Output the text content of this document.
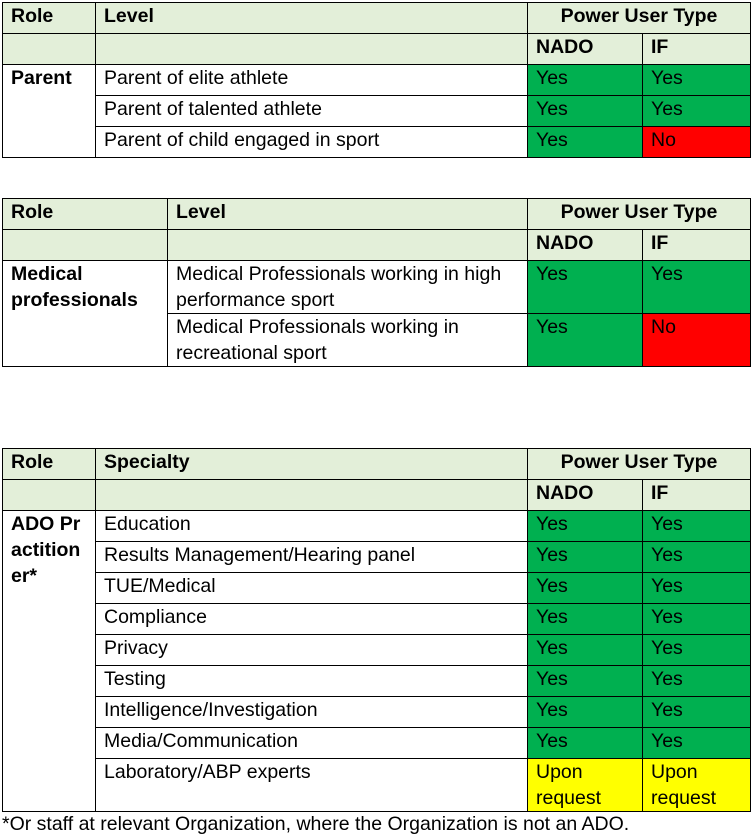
Role	Level	Power User Type	
		NADO	IF
Parent	Parent of elite athlete	Yes	Yes
	Parent of talented athlete	Yes	Yes
	Parent of child engaged in sport	Yes	No
Role	Level	Power User Type	
		NADO	IF
Medical professionals	Medical Professionals working in high performance sport	Yes	Yes
	Medical Professionals working in recreational sport	Yes	No
Role	Specialty	Power User Type	
		NADO	IF
ADO Practitioner*	Education	Yes	Yes
	Results Management/Hearing panel	Yes	Yes
	TUE/Medical	Yes	Yes
	Compliance	Yes	Yes
	Privacy	Yes	Yes
	Testing	Yes	Yes
	Intelligence/Investigation	Yes	Yes
	Media/Communication	Yes	Yes
	Laboratory/ABP experts	Upon request	Upon request
*Or staff at relevant Organization, where the Organization is not an ADO.
